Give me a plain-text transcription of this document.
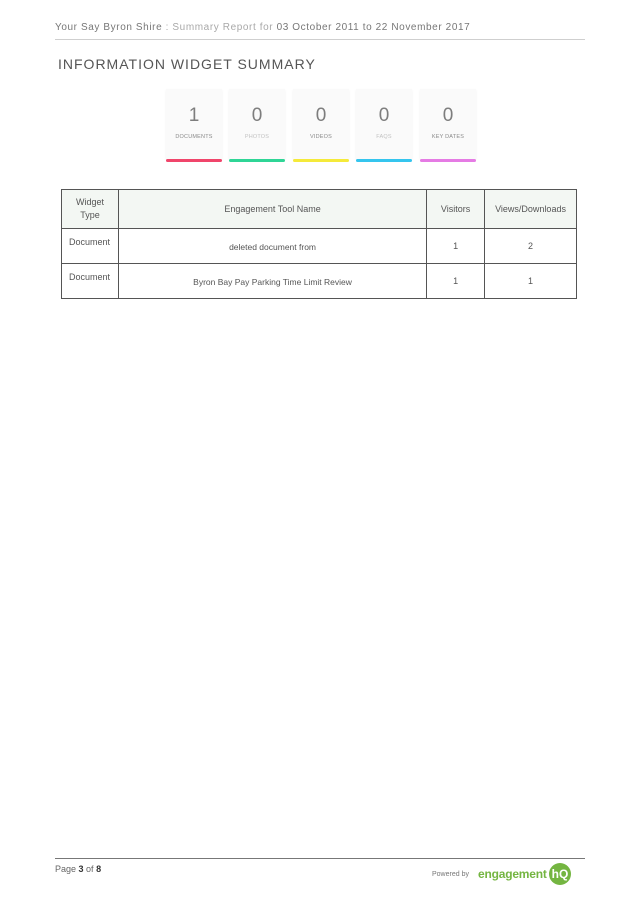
Your Say Byron Shire : Summary Report for 03 October 2011 to 22 November 2017
INFORMATION WIDGET SUMMARY
1
DOCUMENTS
0
PHOTOS
0
VIDEOS
0
FAQS
0
KEY DATES
Widget Type	Engagement Tool Name	Visitors	Views/Downloads
Document	deleted document from	1	2
Document	Byron Bay Pay Parking Time Limit Review	1	1
Page 3 of 8
Powered by engagement hQ
